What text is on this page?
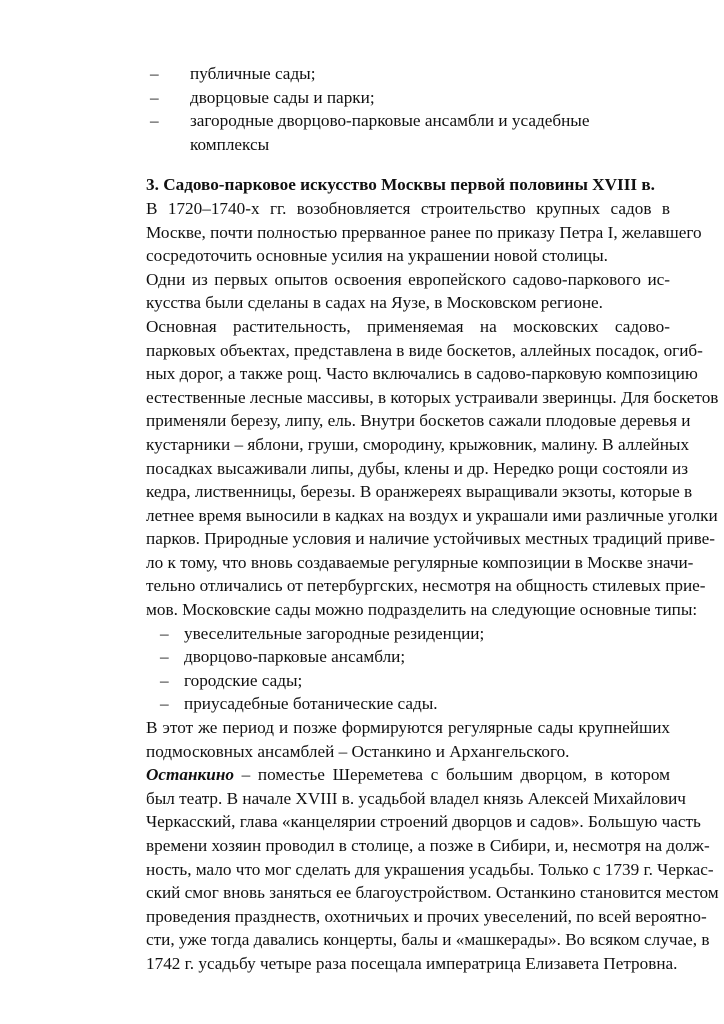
–	публичные сады;
–	дворцовые сады и парки;
–	загородные дворцово-парковые ансамбли и усадебные комплексы
3. Садово-парковое искусство Москвы первой половины XVIII в.
В 1720–1740-х гг. возобновляется строительство крупных садов в
Москве, почти полностью прерванное ранее по приказу Петра I, желавшего
сосредоточить основные усилия на украшении новой столицы.
Одни из первых опытов освоения европейского садово-паркового ис-
кусства были сделаны в садах на Яузе, в Московском регионе.
Основная растительность, применяемая на московских садово-
парковых объектах, представлена в виде боскетов, аллейных посадок, огиб-
ных дорог, а также рощ. Часто включались в садово-парковую композицию
естественные лесные массивы, в которых устраивали зверинцы. Для боскетов
применяли березу, липу, ель. Внутри боскетов сажали плодовые деревья и
кустарники – яблони, груши, смородину, крыжовник, малину. В аллейных
посадках высаживали липы, дубы, клены и др. Нередко рощи состояли из
кедра, лиственницы, березы. В оранжереях выращивали экзоты, которые в
летнее время выносили в кадках на воздух и украшали ими различные уголки
парков. Природные условия и наличие устойчивых местных традиций приве-
ло к тому, что вновь создаваемые регулярные композиции в Москве значи-
тельно отличались от петербургских, несмотря на общность стилевых прие-
мов. Московские сады можно подразделить на следующие основные типы:
– увеселительные загородные резиденции;
– дворцово-парковые ансамбли;
– городские сады;
– приусадебные ботанические сады.
В этот же период и позже формируются регулярные сады крупнейших
подмосковных ансамблей – Останкино и Архангельского.
Останкино – поместье Шереметева с большим дворцом, в котором
был театр. В начале XVIII в. усадьбой владел князь Алексей Михайлович
Черкасский, глава «канцелярии строений дворцов и садов». Большую часть
времени хозяин проводил в столице, а позже в Сибири, и, несмотря на долж-
ность, мало что мог сделать для украшения усадьбы. Только с 1739 г. Черкас-
ский смог вновь заняться ее благоустройством. Останкино становится местом
проведения празднеств, охотничьих и прочих увеселений, по всей вероятно-
сти, уже тогда давались концерты, балы и «машкерады». Во всяком случае, в
1742 г. усадьбу четыре раза посещала императрица Елизавета Петровна.
